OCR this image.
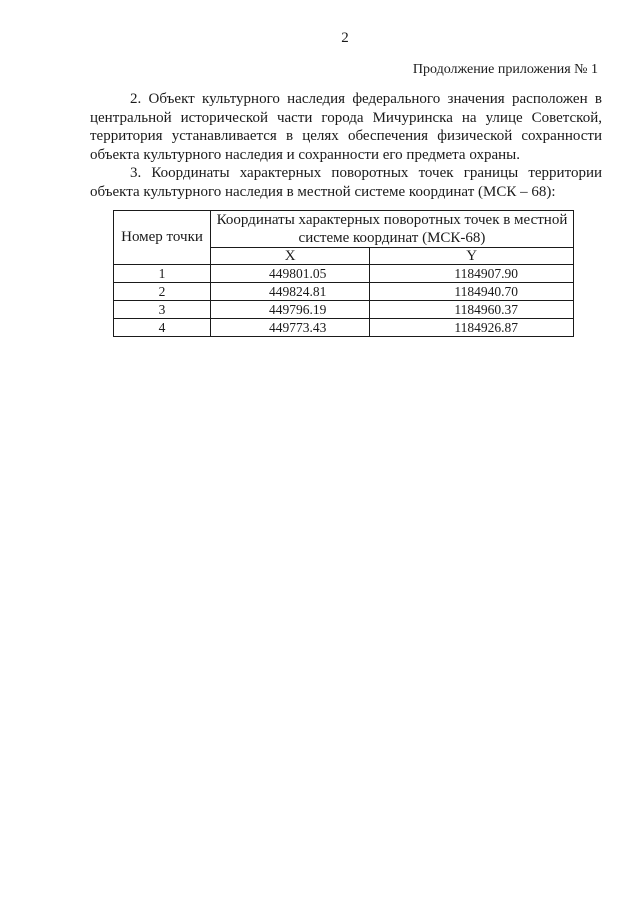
2
Продолжение приложения № 1

2. Объект культурного наследия федерального значения расположен в центральной исторической части города Мичуринска на улице Советской, территория устанавливается в целях обеспечения физической сохранности объекта культурного наследия и сохранности его предмета охраны.

3. Координаты характерных поворотных точек границы территории объекта культурного наследия в местной системе координат (МСК – 68):

Номер точки	Координаты характерных поворотных точек в местной системе координат (МСК-68)	
	X	Y
1	449801.05	1184907.90
2	449824.81	1184940.70
3	449796.19	1184960.37
4	449773.43	1184926.87
